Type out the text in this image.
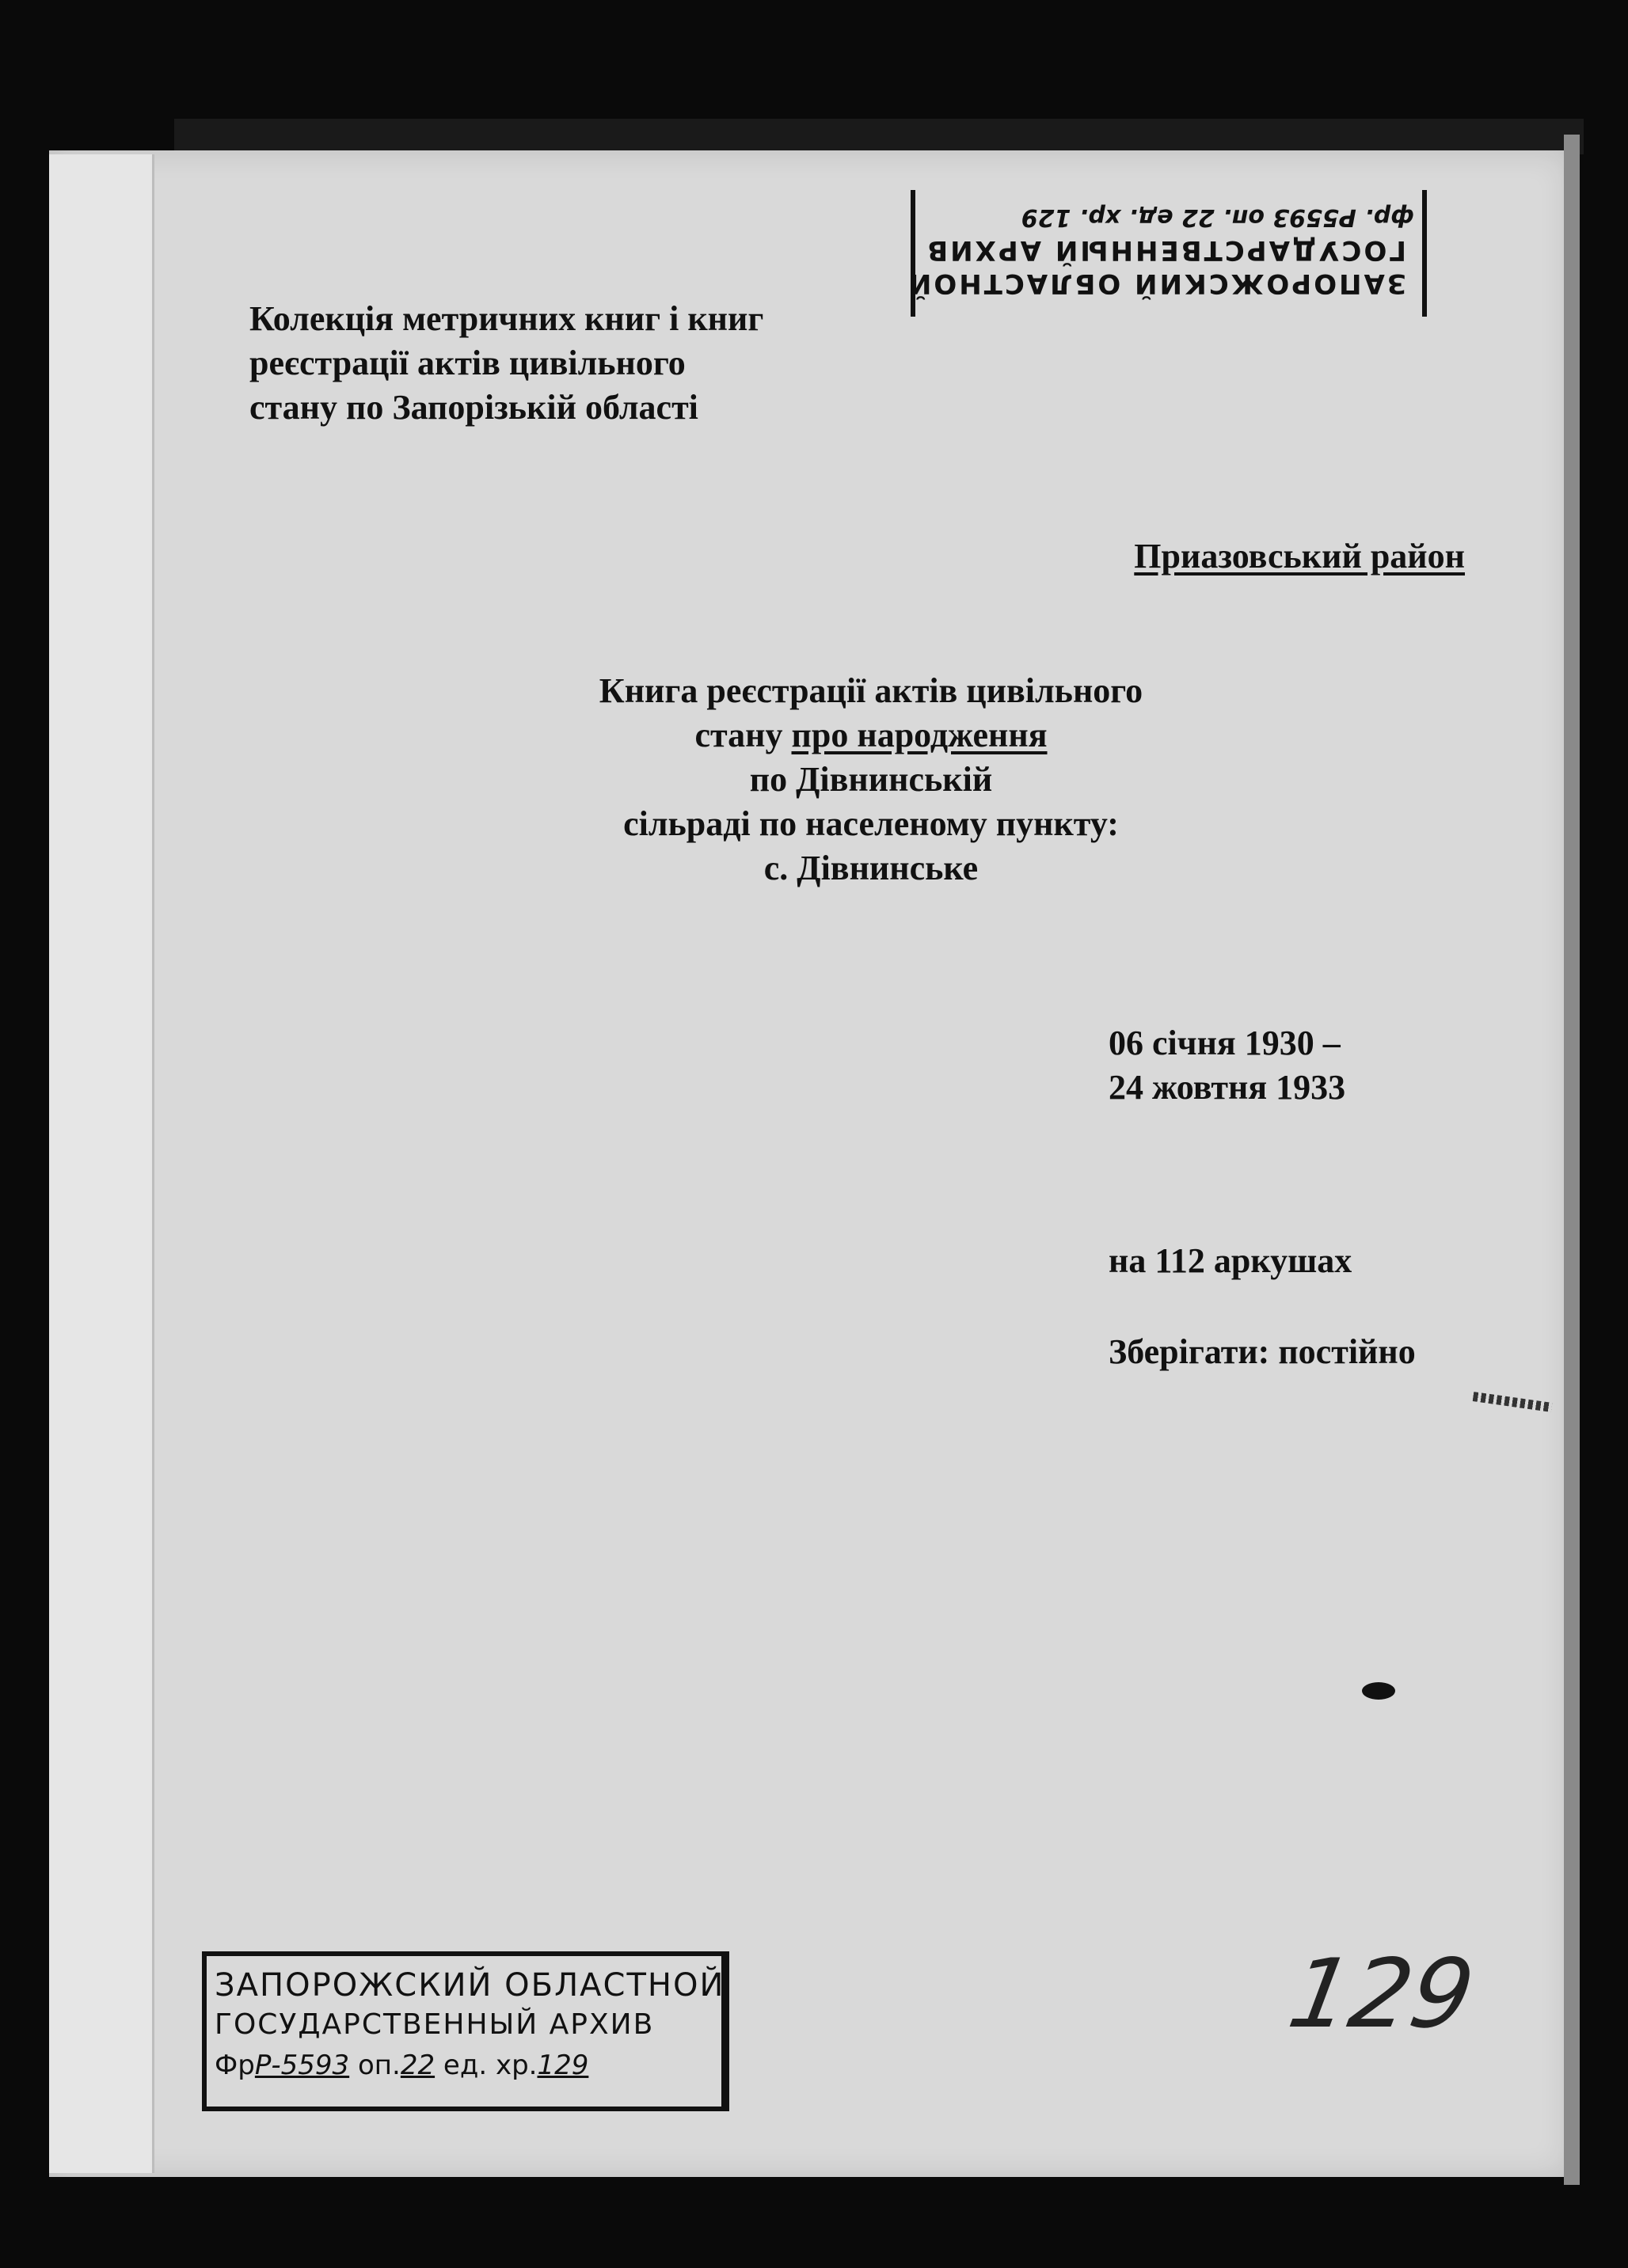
ЗАПОРОЖСКИЙ ОБЛАСТНОЙ
ГОСУДАРСТВЕННЫЙ АРХИВ
фр. Р5593 оп. 22 ед. хр. 129
Колекція метричних книг і книг
реєстрації актів цивільного
стану по Запорізькій області
Приазовський район
Книга реєстрації актів цивільного
стану про народження
по Дівнинській
сільраді по населеному пункту:
с. Дівнинське
06 січня 1930 –
24 жовтня 1933
на 112 аркушах
Зберігати: постійно
ЗАПОРОЖСКИЙ ОБЛАСТНОЙ
ГОСУДАРСТВЕННЫЙ АРХИВ
ФрР-5593 оп.22 ед. хр.129
129
